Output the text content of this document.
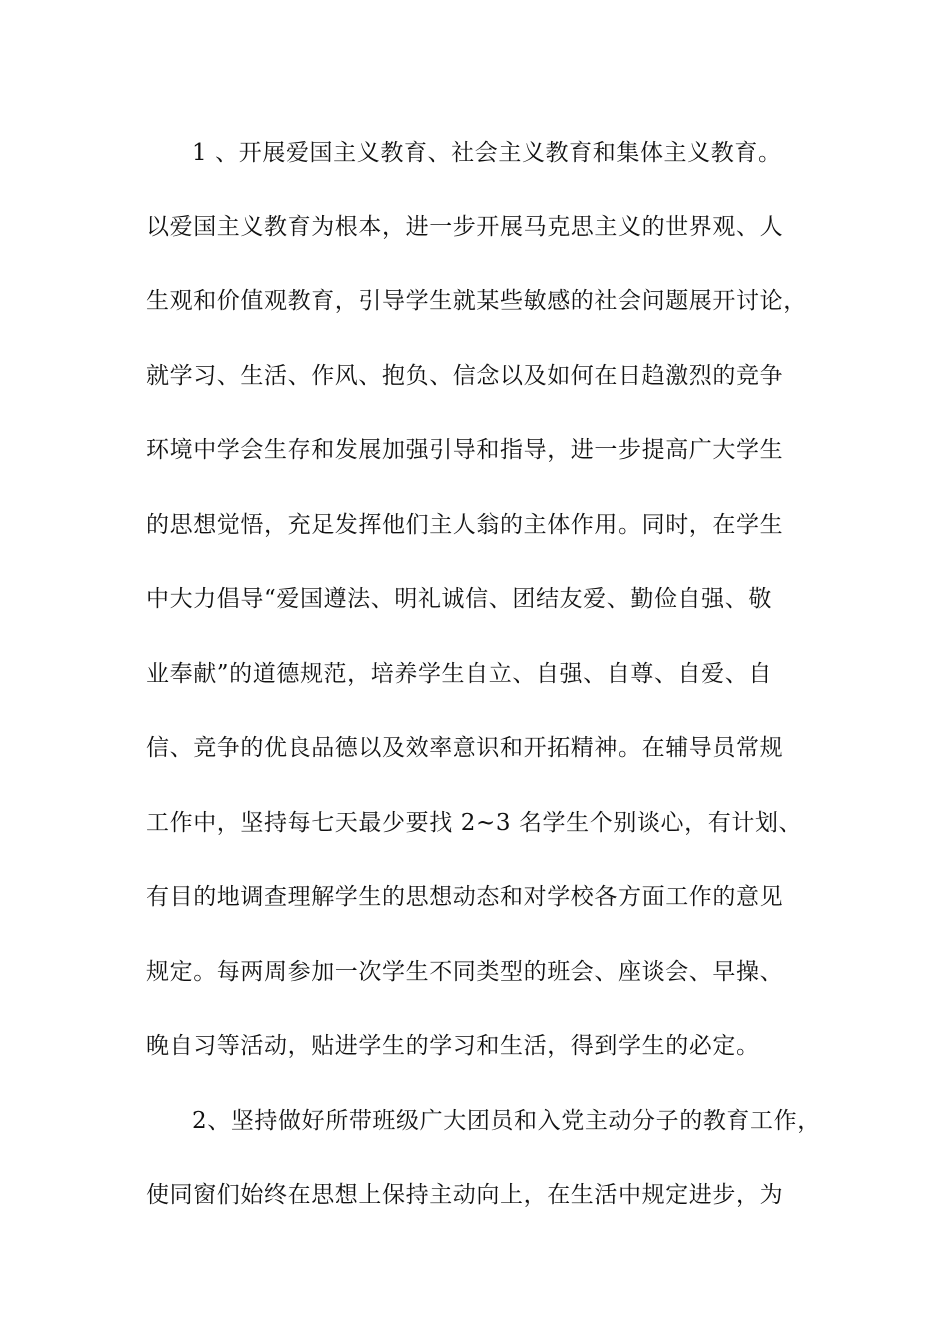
1 、开展爱国主义教育、社会主义教育和集体主义教育。
以爱国主义教育为根本，进一步开展马克思主义的世界观、人
生观和价值观教育，引导学生就某些敏感的社会问题展开讨论，
就学习、生活、作风、抱负、信念以及如何在日趋激烈的竞争
环境中学会生存和发展加强引导和指导，进一步提高广大学生
的思想觉悟，充足发挥他们主人翁的主体作用。同时，在学生
中大力倡导“爱国遵法、明礼诚信、团结友爱、勤俭自强、敬
业奉献”的道德规范，培养学生自立、自强、自尊、自爱、自
信、竞争的优良品德以及效率意识和开拓精神。在辅导员常规
工作中，坚持每七天最少要找 2~3 名学生个别谈心，有计划、
有目的地调查理解学生的思想动态和对学校各方面工作的意见
规定。每两周参加一次学生不同类型的班会、座谈会、早操、
晚自习等活动，贴进学生的学习和生活，得到学生的必定。
2、坚持做好所带班级广大团员和入党主动分子的教育工作，
使同窗们始终在思想上保持主动向上，在生活中规定进步，为
